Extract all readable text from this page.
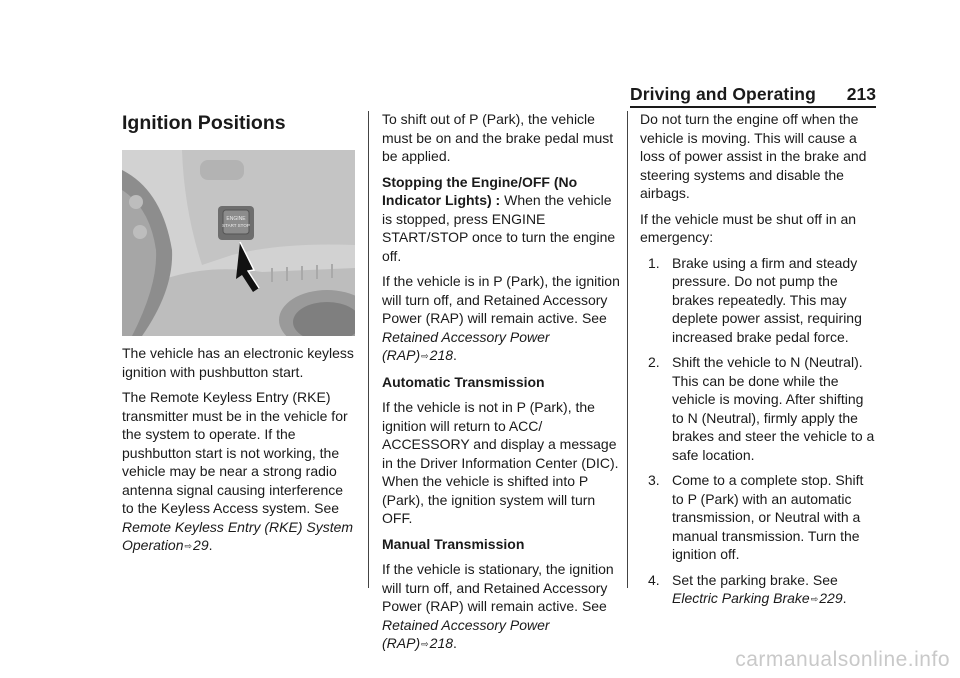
Driving and Operating 213
Ignition Positions
ENGINE
START STOP

The vehicle has an electronic keyless ignition with pushbutton start.

The Remote Keyless Entry (RKE) transmitter must be in the vehicle for the system to operate. If the pushbutton start is not working, the vehicle may be near a strong radio antenna signal causing interference to the Keyless Access system. See Remote Keyless Entry (RKE) System Operation⇨29.

To shift out of P (Park), the vehicle must be on and the brake pedal must be applied.

Stopping the Engine/OFF (No Indicator Lights) : When the vehicle is stopped, press ENGINE START/STOP once to turn the engine off.

If the vehicle is in P (Park), the ignition will turn off, and Retained Accessory Power (RAP) will remain active. See Retained Accessory Power (RAP)⇨218.

Automatic Transmission

If the vehicle is not in P (Park), the ignition will return to ACC/ ACCESSORY and display a message in the Driver Information Center (DIC). When the vehicle is shifted into P (Park), the ignition system will turn OFF.

Manual Transmission

If the vehicle is stationary, the ignition will turn off, and Retained Accessory Power (RAP) will remain active. See Retained Accessory Power (RAP)⇨218.

Do not turn the engine off when the vehicle is moving. This will cause a loss of power assist in the brake and steering systems and disable the airbags.

If the vehicle must be shut off in an emergency:

1. Brake using a firm and steady pressure. Do not pump the brakes repeatedly. This may deplete power assist, requiring increased brake pedal force.
2. Shift the vehicle to N (Neutral). This can be done while the vehicle is moving. After shifting to N (Neutral), firmly apply the brakes and steer the vehicle to a safe location.
3. Come to a complete stop. Shift to P (Park) with an automatic transmission, or Neutral with a manual transmission. Turn the ignition off.
4. Set the parking brake. See Electric Parking Brake⇨229.
carmanualsonline.info
